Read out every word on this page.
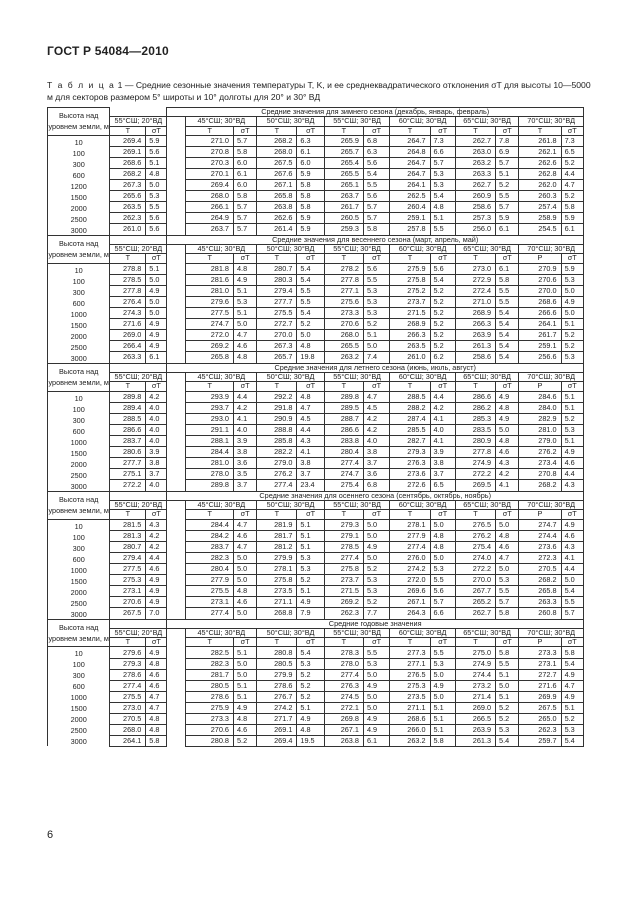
ГОСТ Р 54084—2010
Т а б л и ц а 1 — Средние сезонные значения температуры T, K, и ее среднеквадратического отклонения σT для высоты 10—5000 м для секторов размером 5° широты и 10° долготы для 20° и 30° ВД
Высота над уровнем земли, м			Средние значения для зимнего сезона (декабрь, январь, февраль)												
	55°СШ; 20°ВД			45°СШ; 30°ВД		50°СШ; 30°ВД		55°СШ; 30°ВД		60°СШ; 30°ВД		65°СШ; 30°ВД		70°СШ; 30°ВД	
	T	σT		T	σT	T	σT	T	σT	T	σT	T	σT	T	σT
10	269.4	5.9		271.0	5.7	268.2	6.3	265.9	6.8	264.7	7.3	262.7	7.8	261.8	7.3
100	269.1	5.6		270.8	5.8	268.0	6.1	265.7	6.3	264.8	6.6	263.0	6.9	262.1	6.5
300	268.6	5.1		270.3	6.0	267.5	6.0	265.4	5.6	264.7	5.7	263.2	5.7	262.6	5.2
600	268.2	4.8		270.1	6.1	267.6	5.9	265.5	5.4	264.7	5.3	263.3	5.1	262.8	4.4
1200	267.3	5.0		269.4	6.0	267.1	5.8	265.1	5.5	264.1	5.3	262.7	5.2	262.0	4.7
1500	265.6	5.3		268.0	5.8	265.8	5.8	263.7	5.6	262.5	5.4	260.9	5.5	260.3	5.2
2000	263.5	5.5		266.1	5.7	263.8	5.8	261.7	5.7	260.4	4.8	258.6	5.7	257.4	5.8
2500	262.3	5.6		264.9	5.7	262.6	5.9	260.5	5.7	259.1	5.1	257.3	5.9	258.9	5.9
3000	261.0	5.6		263.7	5.7	261.4	5.9	259.3	5.8	257.8	5.5	256.0	6.1	254.5	6.1
Высота над уровнем земли, м			Средние значения для весеннего сезона (март, апрель, май)												
	55°СШ; 20°ВД			45°СШ; 30°ВД		50°СШ; 30°ВД		55°СШ; 30°ВД		60°СШ; 30°ВД		65°СШ; 30°ВД		70°СШ; 30°ВД	
	T	σT		T	σT	T	σT	T	σT	T	σT	T	σT	P	σT
10	278.8	5.1		281.8	4.8	280.7	5.4	278.2	5.6	275.9	5.6	273.0	6.1	270.9	5.9
100	278.5	5.0		281.6	4.9	280.3	5.4	277.8	5.5	275.8	5.4	272.9	5.8	270.6	5.3
300	277.8	4.9		281.0	5.1	279.4	5.5	277.1	5.3	275.2	5.2	272.4	5.5	270.0	5.0
600	276.4	5.0		279.6	5.3	277.7	5.5	275.6	5.3	273.7	5.2	271.0	5.5	268.6	4.9
1000	274.3	5.0		277.5	5.1	275.5	5.4	273.3	5.3	271.5	5.2	268.9	5.4	266.6	5.0
1500	271.6	4.9		274.7	5.0	272.7	5.2	270.6	5.2	268.9	5.2	266.3	5.4	264.1	5.1
2000	269.0	4.9		272.0	4.7	270.0	5.0	268.0	5.1	266.3	5.2	263.9	5.4	261.7	5.2
2500	266.4	4.9		269.2	4.6	267.3	4.8	265.5	5.0	263.5	5.2	261.3	5.4	259.1	5.2
3000	263.3	6.1		265.8	4.8	265.7	19.8	263.2	7.4	261.0	6.2	258.6	5.4	256.6	5.3
Высота над уровнем земли, м			Средние значения для летнего сезона (июнь, июль, август)												
	55°СШ; 20°ВД			45°СШ; 30°ВД		50°СШ; 30°ВД		55°СШ; 30°ВД		60°СШ; 30°ВД		65°СШ; 30°ВД		70°СШ; 30°ВД	
	T	σT		T	σT	T	σT	T	σT	T	σT	T	σT	P	σT
10	289.8	4.2		293.9	4.4	292.2	4.8	289.8	4.7	288.5	4.4	286.6	4.9	284.6	5.1
100	289.4	4.0		293.7	4.2	291.8	4.7	289.5	4.5	288.2	4.2	286.2	4.8	284.0	5.1
300	288.5	4.0		293.0	4.1	290.9	4.5	288.7	4.2	287.4	4.1	285.3	4.9	282.9	5.2
600	286.6	4.0		291.1	4.0	288.8	4.4	286.6	4.2	285.5	4.0	283.5	5.0	281.0	5.3
1000	283.7	4.0		288.1	3.9	285.8	4.3	283.8	4.0	282.7	4.1	280.9	4.8	279.0	5.1
1500	280.6	3.9		284.4	3.8	282.2	4.1	280.4	3.8	279.3	3.9	277.8	4.6	276.2	4.9
2000	277.7	3.8		281.0	3.6	279.0	3.8	277.4	3.7	276.3	3.8	274.9	4.3	273.4	4.6
2500	275.1	3.7		278.0	3.5	276.2	3.7	274.7	3.6	273.6	3.7	272.2	4.2	270.8	4.4
3000	272.2	4.0		289.8	3.7	277.4	23.4	275.4	6.8	272.6	6.5	269.5	4.1	268.2	4.3
Высота над уровнем земли, м			Средние значения для осеннего сезона (сентябрь, октябрь, ноябрь)												
	55°СШ; 20°ВД			45°СШ; 30°ВД		50°СШ; 30°ВД		55°СШ; 30°ВД		60°СШ; 30°ВД		65°СШ; 30°ВД		70°СШ; 30°ВД	
	T	σT		T	σT	T	σT	T	σT	T	σT	T	σT	P	σT
10	281.5	4.3		284.4	4.7	281.9	5.1	279.3	5.0	278.1	5.0	276.5	5.0	274.7	4.9
100	281.3	4.2		284.2	4.6	281.7	5.1	279.1	5.0	277.9	4.8	276.2	4.8	274.4	4.6
300	280.7	4.2		283.7	4.7	281.2	5.1	278.5	4.9	277.4	4.8	275.4	4.6	273.6	4.3
600	279.4	4.4		282.3	5.0	279.9	5.3	277.4	5.0	276.0	5.0	274.0	4.7	272.3	4.1
1000	277.5	4.6		280.4	5.0	278.1	5.3	275.8	5.2	274.2	5.3	272.2	5.0	270.5	4.4
1500	275.3	4.9		277.9	5.0	275.8	5.2	273.7	5.3	272.0	5.5	270.0	5.3	268.2	5.0
2000	273.1	4.9		275.5	4.8	273.5	5.1	271.5	5.3	269.6	5.6	267.7	5.5	265.8	5.4
2500	270.6	4.9		273.1	4.6	271.1	4.9	269.2	5.2	267.1	5.7	265.2	5.7	263.3	5.5
3000	267.5	7.0		277.4	5.0	268.8	7.9	262.3	7.7	264.3	6.6	262.7	5.8	260.8	5.7
Высота над уровнем земли, м			Средние годовые значения												
	55°СШ; 20°ВД			45°СШ; 30°ВД		50°СШ; 30°ВД		55°СШ; 30°ВД		60°СШ; 30°ВД		65°СШ; 30°ВД		70°СШ; 30°ВД	
	T	σT		T	σT	T	σT	T	σT	T	σT	T	σT	P	σT
10	279.6	4.9		282.5	5.1	280.8	5.4	278.3	5.5	277.3	5.5	275.0	5.8	273.3	5.8
100	279.3	4.8		282.3	5.0	280.5	5.3	278.0	5.3	277.1	5.3	274.9	5.5	273.1	5.4
300	278.6	4.6		281.7	5.0	279.9	5.2	277.4	5.0	276.5	5.0	274.4	5.1	272.7	4.9
600	277.4	4.6		280.5	5.1	278.6	5.2	276.3	4.9	275.3	4.9	273.2	5.0	271.6	4.7
1000	275.5	4.7		278.6	5.1	276.7	5.2	274.5	5.0	273.5	5.0	271.4	5.1	269.9	4.9
1500	273.0	4.7		275.9	4.9	274.2	5.1	272.1	5.0	271.1	5.1	269.0	5.2	267.5	5.1
2000	270.5	4.8		273.3	4.8	271.7	4.9	269.8	4.9	268.6	5.1	266.5	5.2	265.0	5.2
2500	268.0	4.8		270.6	4.6	269.1	4.8	267.1	4.9	266.0	5.1	263.9	5.3	262.3	5.3
3000	264.1	5.8		280.8	5.2	269.4	19.5	263.8	6.1	263.2	5.8	261.3	5.4	259.7	5.4
6
